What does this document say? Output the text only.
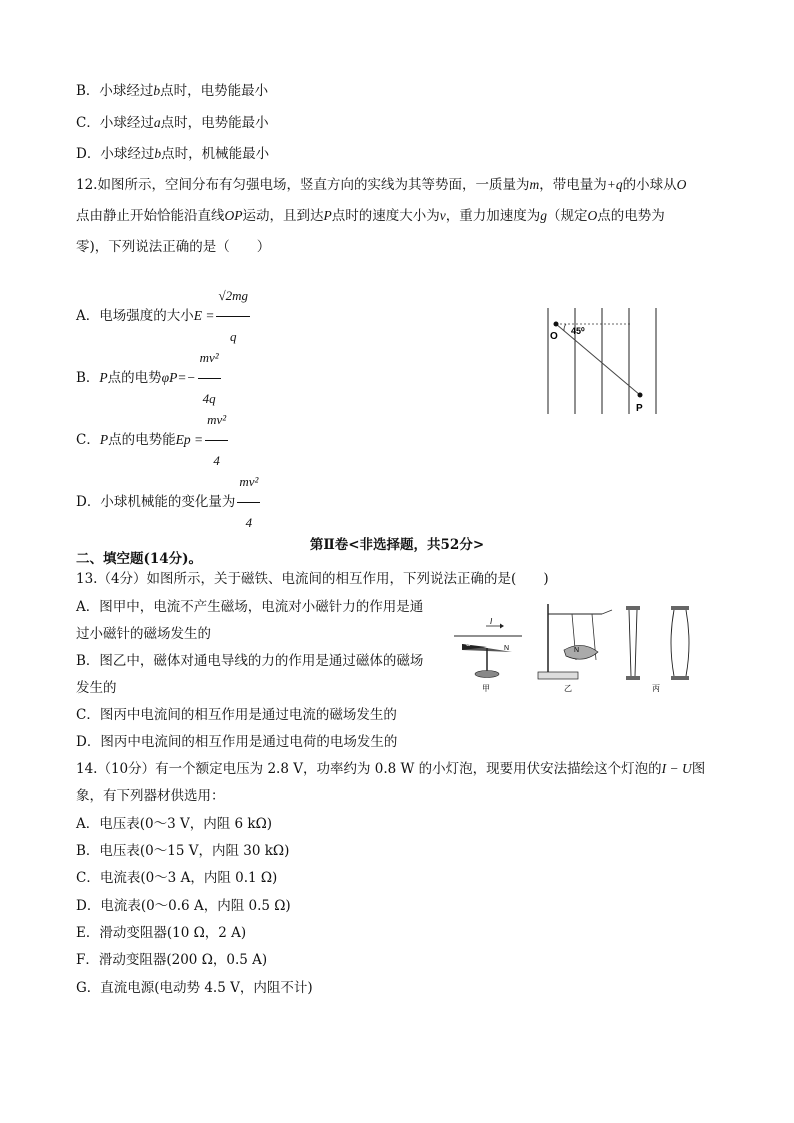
B．小球经过b点时，电势能最小
C．小球经过a点时，电势能最小
D．小球经过b点时，机械能最小
12.如图所示，空间分布有匀强电场，竖直方向的实线为其等势面，一质量为m，带电量为+q的小球从O
点由静止开始恰能沿直线OP运动，且到达P点时的速度大小为v，重力加速度为g（规定O点的电势为
零)，下列说法正确的是（　　）
A．电场强度的大小$E = \frac{√2mg}{q}$
B．P点的电势$\varphi P=- \frac{\text{mv²}}{4q}$
C．P点的电势能$Ep = \frac{\text{mv²}}{4}$
D．小球机械能的变化量为 $\frac{\text{mv²}}{4}$
O 45⁰
P
第Ⅱ卷<非选择题，共52分>
二、填空题(14分)。
13.（4分）如图所示，关于磁铁、电流间的相互作用，下列说法正确的是(　　)
A．图甲中，电流不产生磁场，电流对小磁针力的作用是通
过小磁针的磁场发生的
B．图乙中，磁体对通电导线的力的作用是通过磁体的磁场
发生的
C．图丙中电流间的相互作用是通过电流的磁场发生的
D．图丙中电流间的相互作用是通过电荷的电场发生的
I
S
N
甲
N
乙	丙
14.（10分）有一个额定电压为 2.8 V，功率约为 0.8 W 的小灯泡，现要用伏安法描绘这个灯泡的I − U图
象，有下列器材供选用：
A．电压表(0～3 V，内阻 6 kΩ)
B．电压表(0～15 V，内阻 30 kΩ)
C．电流表(0～3 A，内阻 0.1 Ω)
D．电流表(0～0.6 A，内阻 0.5 Ω)
E．滑动变阻器(10 Ω，2 A)
F．滑动变阻器(200 Ω，0.5 A)
G．直流电源(电动势 4.5 V，内阻不计)
